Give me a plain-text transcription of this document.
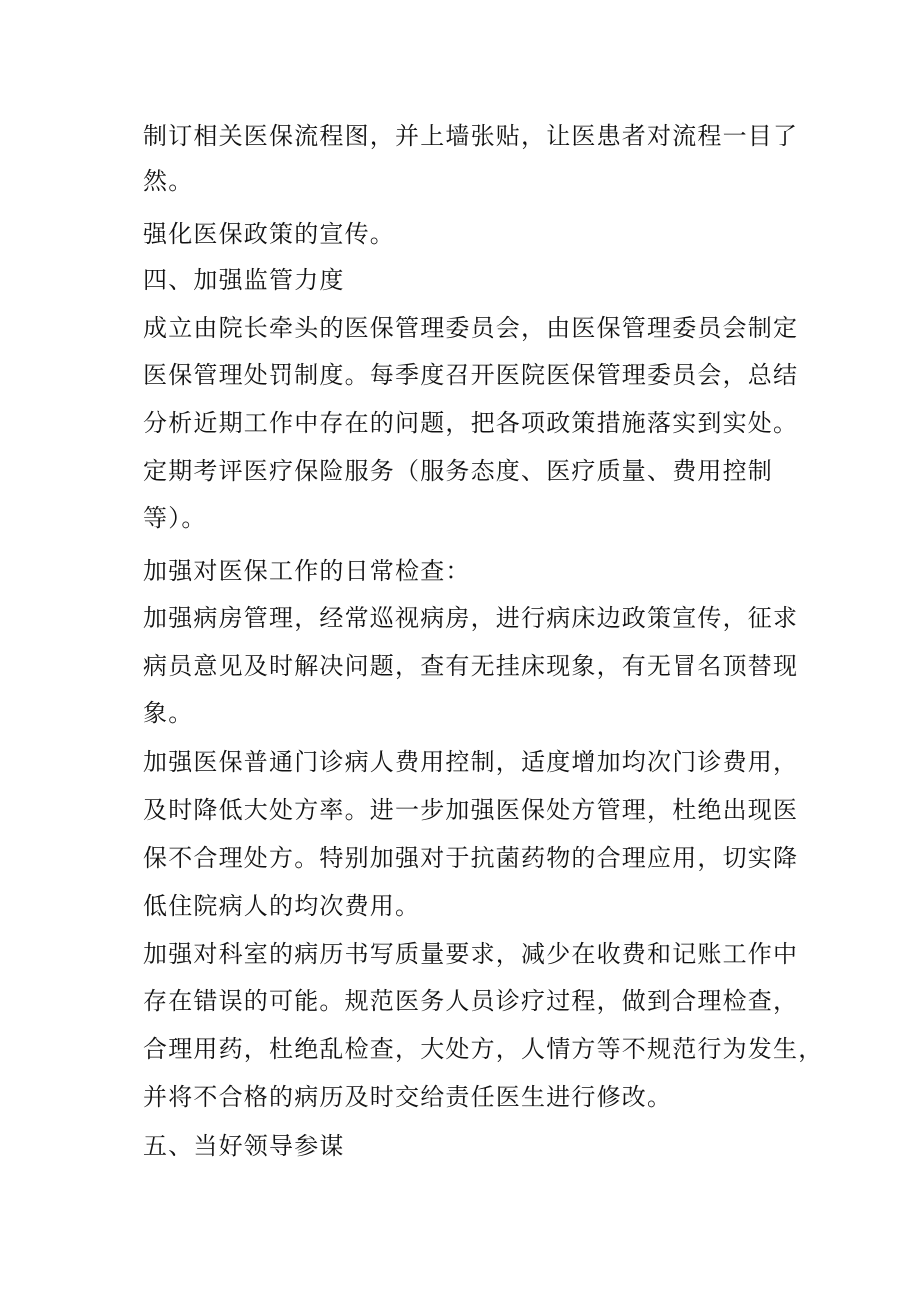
制订相关医保流程图，并上墙张贴，让医患者对流程一目了
然。
强化医保政策的宣传。
四、加强监管力度
成立由院长牵头的医保管理委员会，由医保管理委员会制定
医保管理处罚制度。每季度召开医院医保管理委员会，总结
分析近期工作中存在的问题，把各项政策措施落实到实处。
定期考评医疗保险服务（服务态度、医疗质量、费用控制
等）。
加强对医保工作的日常检查：
加强病房管理，经常巡视病房，进行病床边政策宣传，征求
病员意见及时解决问题，查有无挂床现象，有无冒名顶替现
象。
加强医保普通门诊病人费用控制，适度增加均次门诊费用，
及时降低大处方率。进一步加强医保处方管理，杜绝出现医
保不合理处方。特别加强对于抗菌药物的合理应用，切实降
低住院病人的均次费用。
加强对科室的病历书写质量要求，减少在收费和记账工作中
存在错误的可能。规范医务人员诊疗过程，做到合理检查，
合理用药，杜绝乱检查，大处方，人情方等不规范行为发生，
并将不合格的病历及时交给责任医生进行修改。
五、当好领导参谋
